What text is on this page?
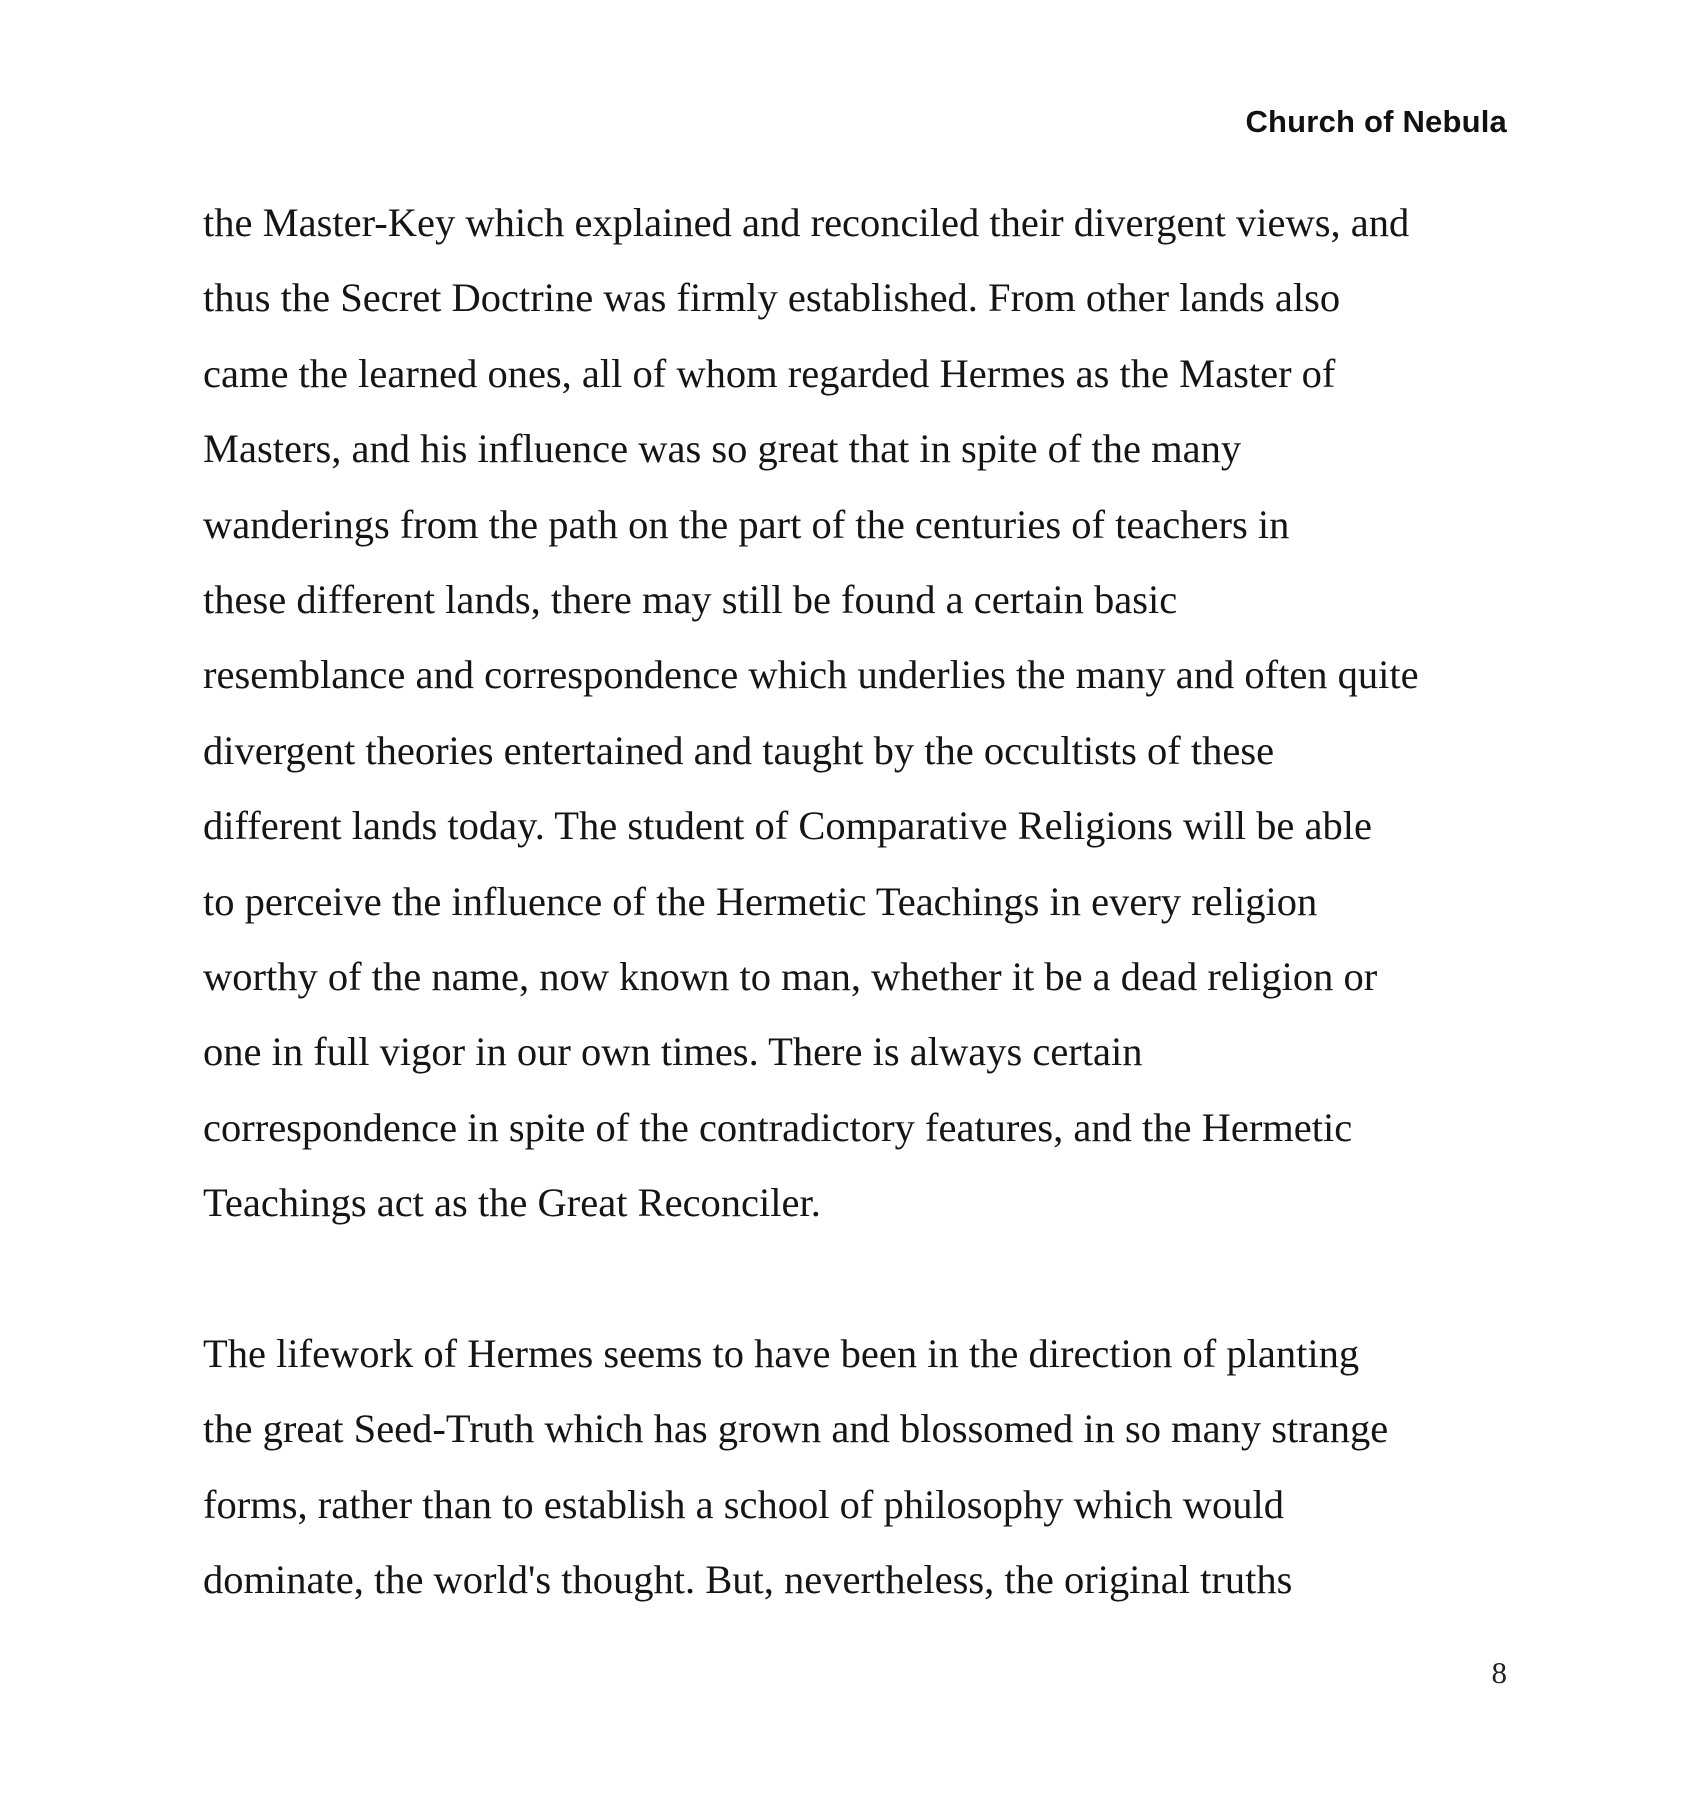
Church of Nebula
the Master-Key which explained and reconciled their divergent views, and
thus the Secret Doctrine was firmly established. From other lands also
came the learned ones, all of whom regarded Hermes as the Master of
Masters, and his influence was so great that in spite of the many
wanderings from the path on the part of the centuries of teachers in
these different lands, there may still be found a certain basic
resemblance and correspondence which underlies the many and often quite
divergent theories entertained and taught by the occultists of these
different lands today. The student of Comparative Religions will be able
to perceive the influence of the Hermetic Teachings in every religion
worthy of the name, now known to man, whether it be a dead religion or
one in full vigor in our own times. There is always certain
correspondence in spite of the contradictory features, and the Hermetic
Teachings act as the Great Reconciler.
The lifework of Hermes seems to have been in the direction of planting
the great Seed-Truth which has grown and blossomed in so many strange
forms, rather than to establish a school of philosophy which would
dominate, the world's thought. But, nevertheless, the original truths
8
